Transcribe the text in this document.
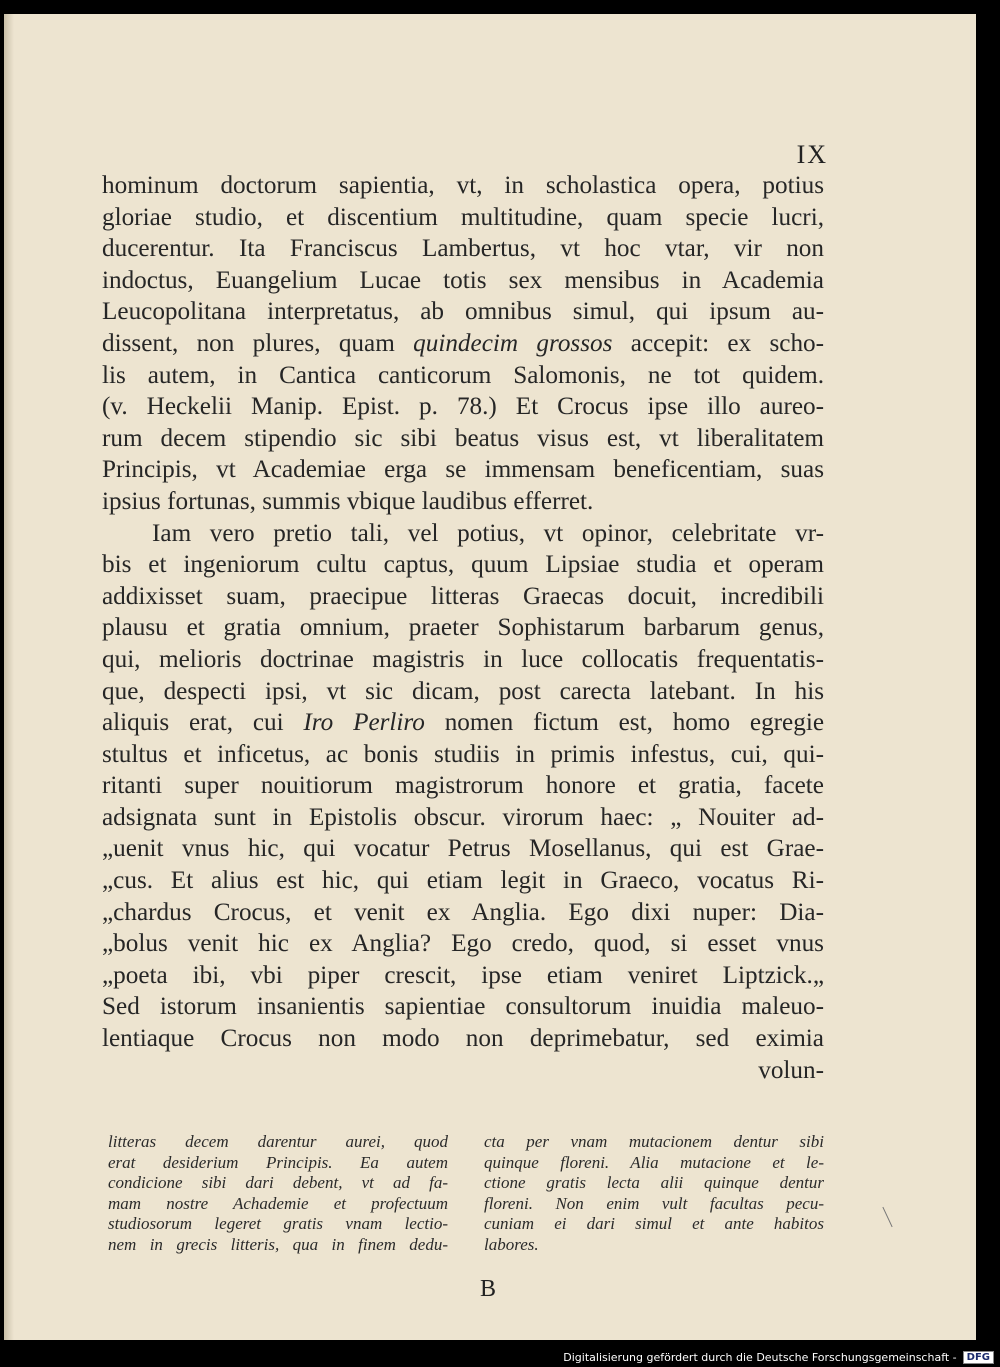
IX

hominum doctorum sapientia, vt, in scholastica opera, potius
gloriae studio, et discentium multitudine, quam specie lucri,
ducerentur. Ita Franciscus Lambertus, vt hoc vtar, vir non
indoctus, Euangelium Lucae totis sex mensibus in Academia
Leucopolitana interpretatus, ab omnibus simul, qui ipsum au-
dissent, non plures, quam quindecim grossos accepit: ex scho-
lis autem, in Cantica canticorum Salomonis, ne tot quidem.
(v. Heckelii Manip. Epist. p. 78.) Et Crocus ipse illo aureo-
rum decem stipendio sic sibi beatus visus est, vt liberalitatem
Principis, vt Academiae erga se immensam beneficentiam, suas
ipsius fortunas, summis vbique laudibus efferret.

Iam vero pretio tali, vel potius, vt opinor, celebritate vr-
bis et ingeniorum cultu captus, quum Lipsiae studia et operam
addixisset suam, praecipue litteras Graecas docuit, incredibili
plausu et gratia omnium, praeter Sophistarum barbarum genus,
qui, melioris doctrinae magistris in luce collocatis frequentatis-
que, despecti ipsi, vt sic dicam, post carecta latebant. In his
aliquis erat, cui Iro Perliro nomen fictum est, homo egregie
stultus et inficetus, ac bonis studiis in primis infestus, cui, qui-
ritanti super nouitiorum magistrorum honore et gratia, facete
adsignata sunt in Epistolis obscur. virorum haec: „ Nouiter ad-
„uenit vnus hic, qui vocatur Petrus Mosellanus, qui est Grae-
„cus. Et alius est hic, qui etiam legit in Graeco, vocatus Ri-
„chardus Crocus, et venit ex Anglia. Ego dixi nuper: Dia-
„bolus venit hic ex Anglia? Ego credo, quod, si esset vnus
„poeta ibi, vbi piper crescit, ipse etiam veniret Liptzick.„
Sed istorum insanientis sapientiae consultorum inuidia maleuo-
lentiaque Crocus non modo non deprimebatur, sed eximia
volun-

litteras decem darentur aurei, quod
erat desiderium Principis. Ea autem
condicione sibi dari debent, vt ad fa-
mam nostre Achademie et profectuum
studiosorum legeret gratis vnam lectio-
nem in grecis litteris, qua in finem dedu-
cta per vnam mutacionem dentur sibi
quinque floreni. Alia mutacione et le-
ctione gratis lecta alii quinque dentur
floreni. Non enim vult facultas pecu-
cuniam ei dari simul et ante habitos
labores.
B
Digitalisierung gefördert durch die Deutsche Forschungsgemeinschaft -	DFG
